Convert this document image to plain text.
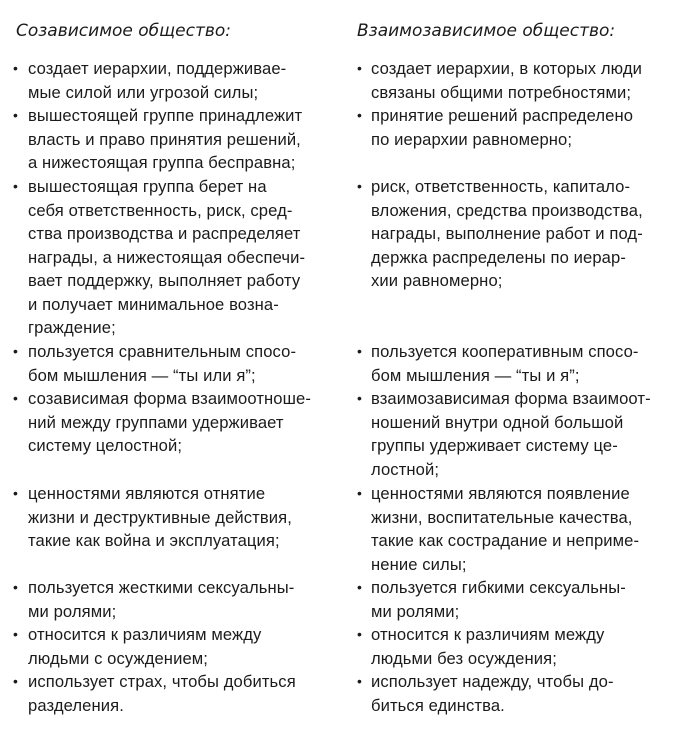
Созависимое общество:	Взаимозависимое общество:
• создает иерархии, поддерживае-
мые силой или угрозой силы;
• создает иерархии, в которых люди
связаны общими потребностями;
• вышестоящей группе принадлежит
власть и право принятия решений,
а нижестоящая группа бесправна;
• принятие решений распределено
по иерархии равномерно;
• вышестоящая группа берет на
себя ответственность, риск, сред-
ства производства и распределяет
награды, а нижестоящая обеспечи-
вает поддержку, выполняет работу
и получает минимальное возна-
граждение;
• риск, ответственность, капитало-
вложения, средства производства,
награды, выполнение работ и под-
держка распределены по иерар-
хии равномерно;
• пользуется сравнительным спосо-
бом мышления — “ты или я”;
• пользуется кооперативным спосо-
бом мышления — “ты и я”;
• созависимая форма взаимоотноше-
ний между группами удерживает
систему целостной;
• взаимозависимая форма взаимоот-
ношений внутри одной большой
группы удерживает систему це-
лостной;
• ценностями являются отнятие
жизни и деструктивные действия,
такие как война и эксплуатация;
• ценностями являются появление
жизни, воспитательные качества,
такие как сострадание и неприме-
нение силы;
• пользуется жесткими сексуальны-
ми ролями;
• пользуется гибкими сексуальны-
ми ролями;
• относится к различиям между
людьми с осуждением;
• относится к различиям между
людьми без осуждения;
• использует страх, чтобы добиться
разделения.
• использует надежду, чтобы до-
биться единства.
